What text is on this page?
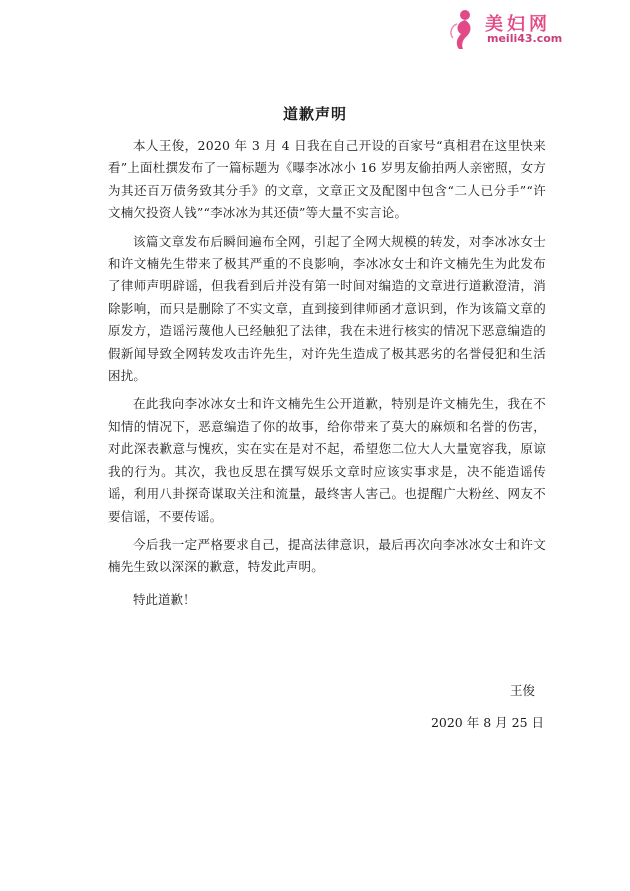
美妇网
meili43.com
道歉声明

本人王俊，2020 年 3 月 4 日我在自己开设的百家号“真相君在这里快来看”上面杜撰发布了一篇标题为《曝李冰冰小 16 岁男友偷拍两人亲密照，女方为其还百万债务致其分手》的文章，文章正文及配图中包含“二人已分手”“许文楠欠投资人钱”“李冰冰为其还债”等大量不实言论。

该篇文章发布后瞬间遍布全网，引起了全网大规模的转发，对李冰冰女士和许文楠先生带来了极其严重的不良影响，李冰冰女士和许文楠先生为此发布了律师声明辟谣，但我看到后并没有第一时间对编造的文章进行道歉澄清，消除影响，而只是删除了不实文章，直到接到律师函才意识到，作为该篇文章的原发方，造谣污蔑他人已经触犯了法律，我在未进行核实的情况下恶意编造的假新闻导致全网转发攻击许先生，对许先生造成了极其恶劣的名誉侵犯和生活困扰。

在此我向李冰冰女士和许文楠先生公开道歉，特别是许文楠先生，我在不知情的情况下，恶意编造了你的故事，给你带来了莫大的麻烦和名誉的伤害，对此深表歉意与愧疚，实在实在是对不起，希望您二位大人大量宽容我，原谅我的行为。其次，我也反思在撰写娱乐文章时应该实事求是，决不能造谣传谣，利用八卦探奇谋取关注和流量，最终害人害己。也提醒广大粉丝、网友不要信谣，不要传谣。

今后我一定严格要求自己，提高法律意识，最后再次向李冰冰女士和许文楠先生致以深深的歉意，特发此声明。

特此道歉！

王俊
2020 年 8 月 25 日
